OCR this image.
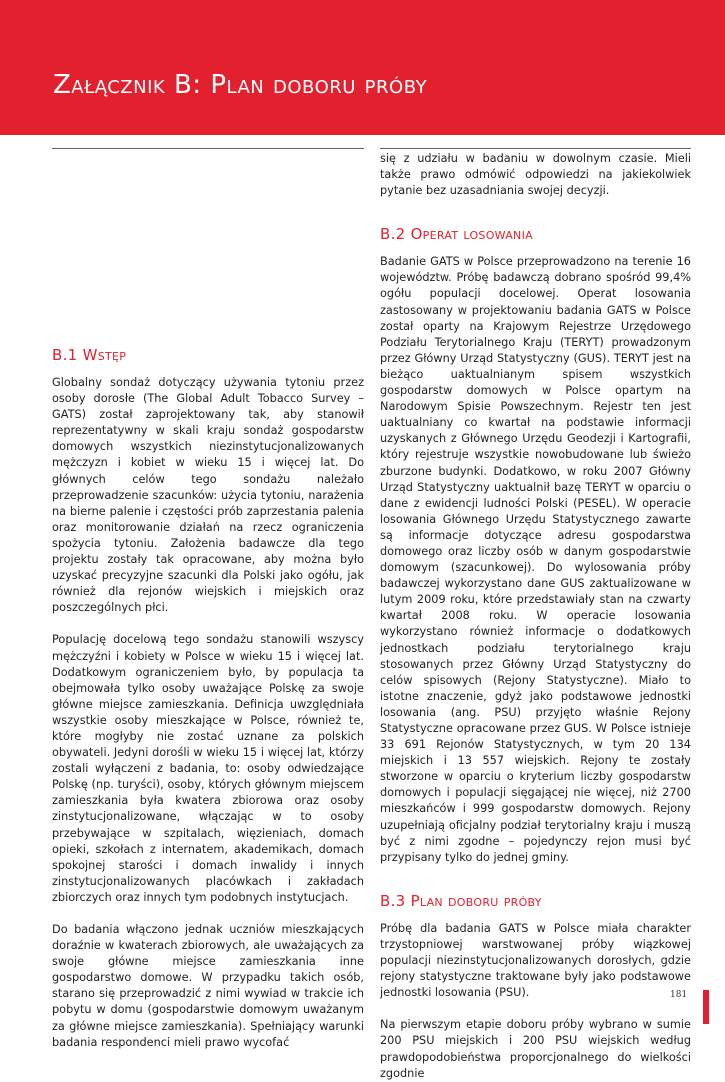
Załącznik B: Plan doboru próby
B.1 Wstęp

Globalny sondaż dotyczący używania tytoniu przez osoby dorosłe (The Global Adult Tobacco Survey – GATS) został zaprojektowany tak, aby stanowił reprezentatywny w skali kraju sondaż gospodarstw domowych wszystkich niezinstytucjonalizowanych mężczyzn i kobiet w wieku 15 i więcej lat. Do głównych celów tego sondażu należało przeprowadzenie szacunków: użycia tytoniu, narażenia na bierne palenie i częstości prób zaprzestania palenia oraz monitorowanie działań na rzecz ograniczenia spożycia tytoniu. Założenia badawcze dla tego projektu zostały tak opracowane, aby można było uzyskać precyzyjne szacunki dla Polski jako ogółu, jak również dla rejonów wiejskich i miejskich oraz poszczególnych płci.

Populację docelową tego sondażu stanowili wszyscy mężczyźni i kobiety w Polsce w wieku 15 i więcej lat. Dodatkowym ograniczeniem było, by populacja ta obejmowała tylko osoby uważające Polskę za swoje główne miejsce zamieszkania. Definicja uwzględniała wszystkie osoby mieszkające w Polsce, również te, które mogłyby nie zostać uznane za polskich obywateli. Jedyni dorośli w wieku 15 i więcej lat, którzy zostali wyłączeni z badania, to: osoby odwiedzające Polskę (np. turyści), osoby, których głównym miejscem zamieszkania była kwatera zbiorowa oraz osoby zinstytucjonalizowane, włączając w to osoby przebywające w szpitalach, więzieniach, domach opieki, szkołach z internatem, akademikach, domach spokojnej starości i domach inwalidy i innych zinstytucjonalizowanych placówkach i zakładach zbiorczych oraz innych tym podobnych instytucjach.

Do badania włączono jednak uczniów mieszkających doraźnie w kwaterach zbiorowych, ale uważających za swoje główne miejsce zamieszkania inne gospodarstwo domowe. W przypadku takich osób, starano się przeprowadzić z nimi wywiad w trakcie ich pobytu w domu (gospodarstwie domowym uważanym za główne miejsce zamieszkania). Spełniający warunki badania respondenci mieli prawo wycofać

się z udziału w badaniu w dowolnym czasie. Mieli także prawo odmówić odpowiedzi na jakiekolwiek pytanie bez uzasadniania swojej decyzji.

B.2 Operat losowania

Badanie GATS w Polsce przeprowadzono na terenie 16 województw. Próbę badawczą dobrano spośród 99,4% ogółu populacji docelowej. Operat losowania zastosowany w projektowaniu badania GATS w Polsce został oparty na Krajowym Rejestrze Urzędowego Podziału Terytorialnego Kraju (TERYT) prowadzonym przez Główny Urząd Statystyczny (GUS). TERYT jest na bieżąco uaktualnianym spisem wszystkich gospodarstw domowych w Polsce opartym na Narodowym Spisie Powszechnym. Rejestr ten jest uaktualniany co kwartał na podstawie informacji uzyskanych z Głównego Urzędu Geodezji i Kartografii, który rejestruje wszystkie nowobudowane lub świeżo zburzone budynki. Dodatkowo, w roku 2007 Główny Urząd Statystyczny uaktualnił bazę TERYT w oparciu o dane z ewidencji ludności Polski (PESEL). W operacie losowania Głównego Urzędu Statystycznego zawarte są informacje dotyczące adresu gospodarstwa domowego oraz liczby osób w danym gospodarstwie domowym (szacunkowej). Do wylosowania próby badawczej wykorzystano dane GUS zaktualizowane w lutym 2009 roku, które przedstawiały stan na czwarty kwartał 2008 roku. W operacie losowania wykorzystano również informacje o dodatkowych jednostkach podziału terytorialnego kraju stosowanych przez Główny Urząd Statystyczny do celów spisowych (Rejony Statystyczne). Miało to istotne znaczenie, gdyż jako podstawowe jednostki losowania (ang. PSU) przyjęto właśnie Rejony Statystyczne opracowane przez GUS. W Polsce istnieje 33 691 Rejonów Statystycznych, w tym 20 134 miejskich i 13 557 wiejskich. Rejony te zostały stworzone w oparciu o kryterium liczby gospodarstw domowych i populacji sięgającej nie więcej, niż 2700 mieszkańców i 999 gospodarstw domowych. Rejony uzupełniają oficjalny podział terytorialny kraju i muszą być z nimi zgodne – pojedynczy rejon musi być przypisany tylko do jednej gminy.

B.3 Plan doboru próby

Próbę dla badania GATS w Polsce miała charakter trzystopniowej warstwowanej próby wiązkowej populacji niezinstytucjonalizowanych dorosłych, gdzie rejony statystyczne traktowane były jako podstawowe jednostki losowania (PSU).

Na pierwszym etapie doboru próby wybrano w sumie 200 PSU miejskich i 200 PSU wiejskich według prawdopodobieństwa proporcjonalnego do wielkości zgodnie

181
